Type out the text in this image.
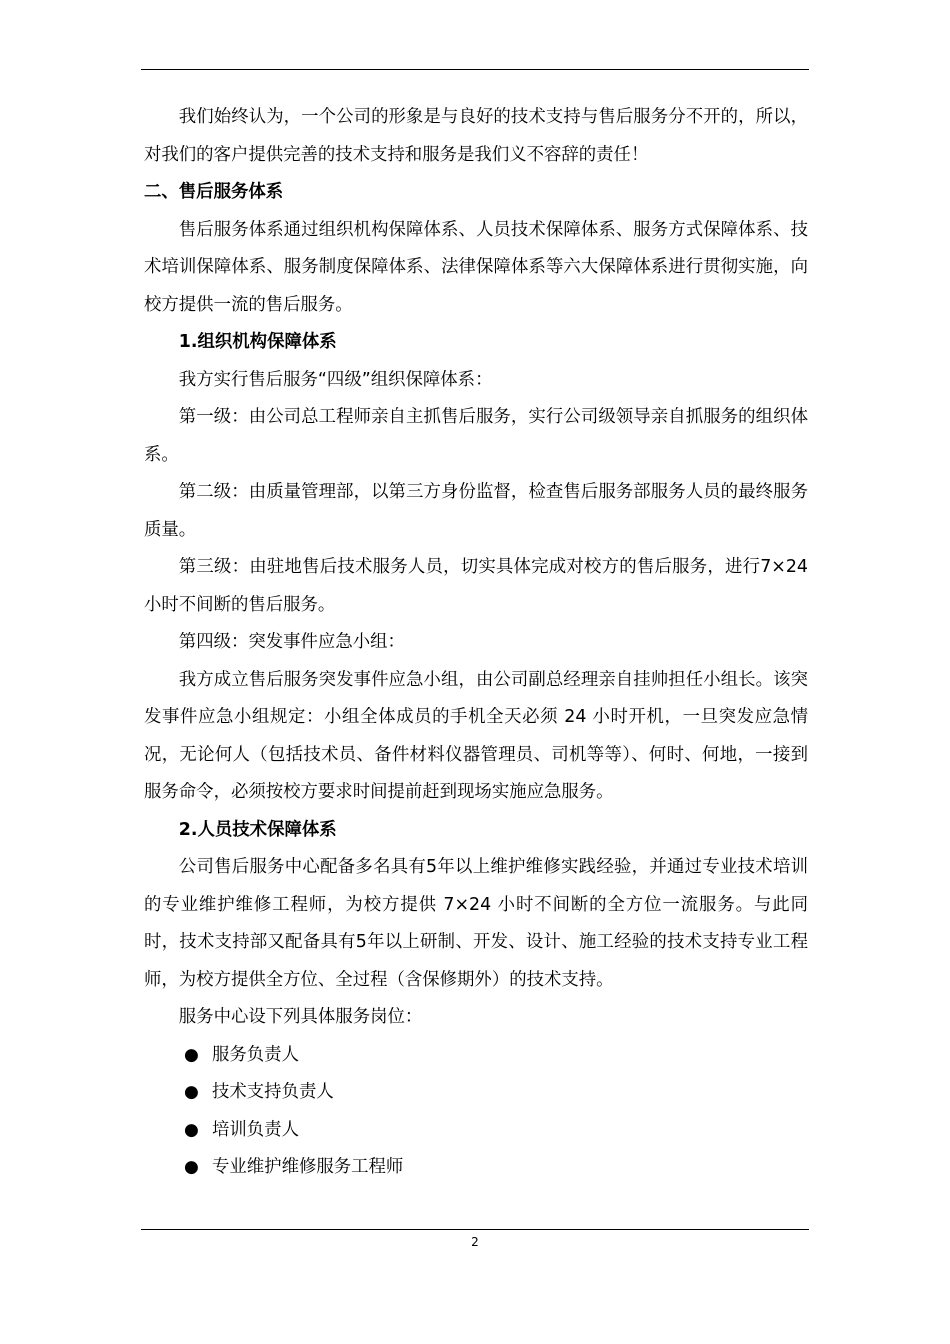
我们始终认为，一个公司的形象是与良好的技术支持与售后服务分不开的，所以，对我们的客户提供完善的技术支持和服务是我们义不容辞的责任！

二、售后服务体系

售后服务体系通过组织机构保障体系、人员技术保障体系、服务方式保障体系、技术培训保障体系、服务制度保障体系、法律保障体系等六大保障体系进行贯彻实施，向校方提供一流的售后服务。

1.组织机构保障体系

我方实行售后服务“四级”组织保障体系：

第一级：由公司总工程师亲自主抓售后服务，实行公司级领导亲自抓服务的组织体系。

第二级：由质量管理部，以第三方身份监督，检查售后服务部服务人员的最终服务质量。

第三级：由驻地售后技术服务人员，切实具体完成对校方的售后服务，进行7×24 小时不间断的售后服务。

第四级：突发事件应急小组：

我方成立售后服务突发事件应急小组，由公司副总经理亲自挂帅担任小组长。该突发事件应急小组规定：小组全体成员的手机全天必须 24 小时开机，一旦突发应急情况，无论何人（包括技术员、备件材料仪器管理员、司机等等）、何时、何地，一接到服务命令，必须按校方要求时间提前赶到现场实施应急服务。

2.人员技术保障体系

公司售后服务中心配备多名具有5年以上维护维修实践经验，并通过专业技术培训的专业维护维修工程师，为校方提供 7×24 小时不间断的全方位一流服务。与此同时，技术支持部又配备具有5年以上研制、开发、设计、施工经验的技术支持专业工程师，为校方提供全方位、全过程（含保修期外）的技术支持。

服务中心设下列具体服务岗位：

● 服务负责人

● 技术支持负责人

● 培训负责人

● 专业维护维修服务工程师

2
